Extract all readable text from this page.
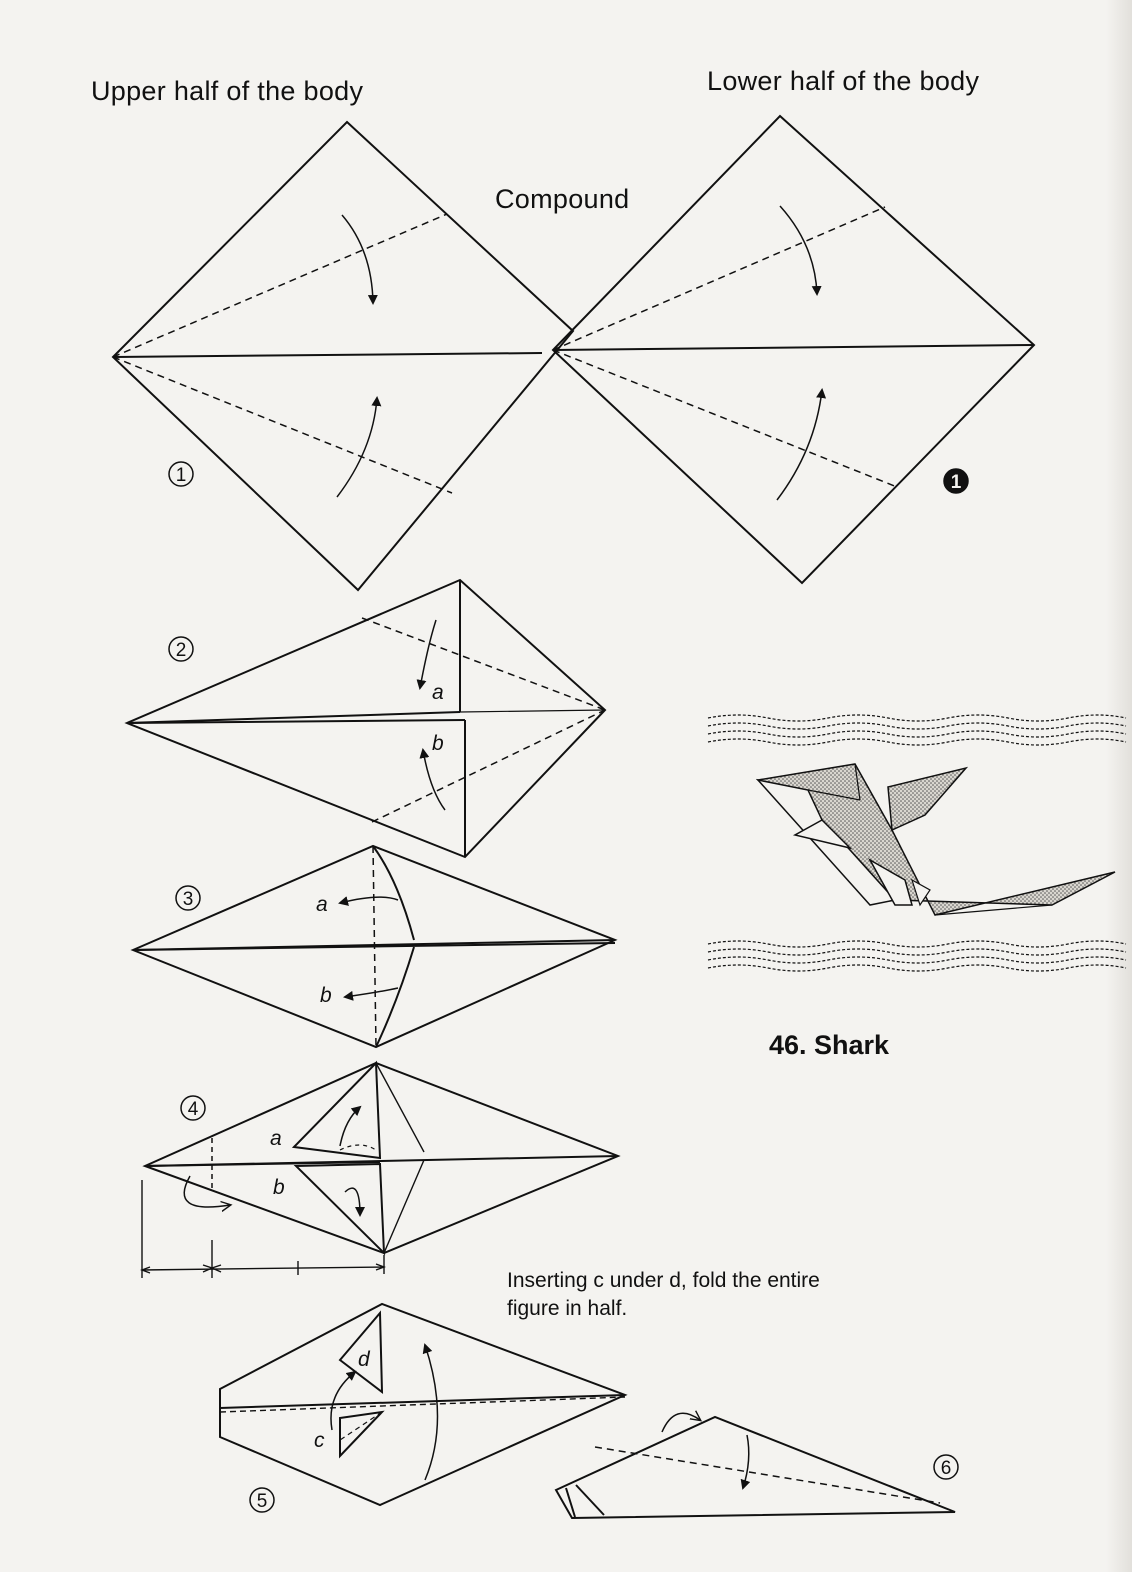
Upper half of the body	Lower half of the body

Compound

46. Shark

Inserting c under d, fold the entire figure in half.

1
2
3
4
5
6
1
a
b
a
b
a
b
d
c
